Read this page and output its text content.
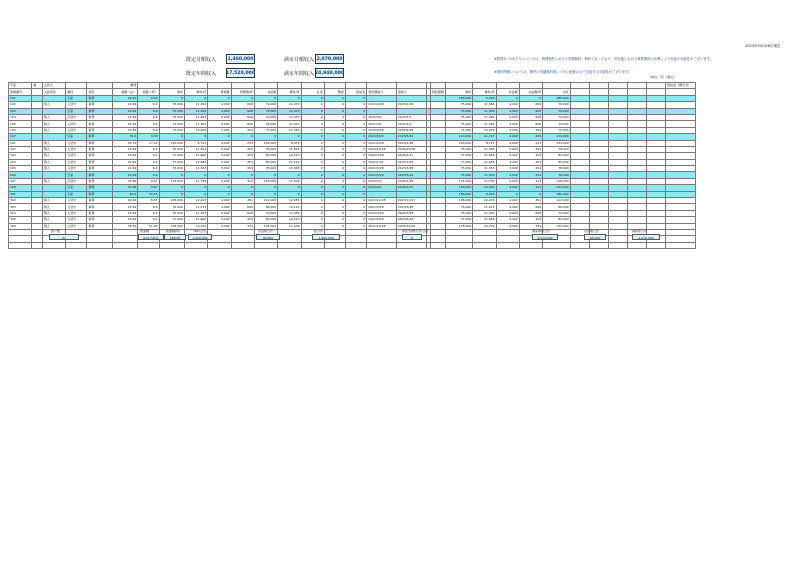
2023年04月26日現在
既定月額収入	1,460,000	満室月額収入 2,079,000
既定年間収入 17,520,000	満室年間収入 24,948,000
※賃貸1ヶ月あたりについては、賃貸物件における実績賃料・賃料となっており、所在地における賃貸賃料の水準により変更の可能性がございます。
※賃料関係については、物件の実績賃料等に十分に留意の上で変更する可能性がございます。
（単位：円）（税込）
号室	階	入居人			種別																									保証金（敷引含）
部屋番号		入居者名	属性	状況	面積（㎡）	面積（坪）	賃料	賃料/坪	管理費	管理費/坪	共益費	賃料/坪	礼金	敷金	保証金	契約開始日	更新日		契約期間	賃料	賃料/坪	共益費	共益費/坪	合計						
101			空室	事務	30.61	9.26	0	0	0	0	0	0	0	0	0					180,000	5,200	0	0	180,000						
102		個人	入居中	事務	21.84	6.6	75,000	11,364	4,000	606	79,000	11,970	0	0	0	2021/2/28	2023/2/28			75,000	11,364	4,000	606	79,000						
103			空室	事務	21.84	6.6	75,000	11,364	4,000	606	79,000	11,970	0	0	0					75,000	11,364	4,000	606	79,000						
104		個人	入居中	事務	21.84	6.6	75,000	11,364	4,000	606	79,000	11,970	0	0	0	2021/3/1	2023/3/1			75,000	11,364	4,000	606	79,000						
105		個人	入居中	事務	21.84	6.6	75,000	11,364	4,000	606	79,000	11,970	0	0	0	2021/4/1	2023/4/1			75,000	11,364	4,000	606	79,000						
106		個人	入居中	事務	21.84	6.6	72,000	10,909	3,000	454	75,000	11,363	0	0	0	2020/9/28	2022/9/28			72,000	10,909	3,000	454	75,000						
107			空室	事務	31.0	9.38	0	0	0	0	0	0	0	0	0	2021/5/24	2023/5/24			110,000	11,727	4,000	426	114,000						
201		個人	入居中	事務	56.74	17.16	150,000	8,741	4,000	233	154,000	8,974	0	0	0	2021/2/28	2023/2/28			150,000	8,741	4,000	233	154,000						
202		個人	入居中	事務	21.84	6.6	75,000	11,364	3,000	454	78,000	11,818	0	0	0	2020/10/28	2022/10/28			75,000	11,364	3,000	454	78,000						
203		個人	入居中	事務	21.84	6.6	77,000	11,666	3,000	454	80,000	12,120	0	0	0	2020/4/28	2024/4/27			77,000	11,666	3,000	454	80,000						
204		個人	入居中	事務	21.84	6.6	77,000	11,666	3,000	454	80,000	12,120	0	0	0	2021/1/31	2023/1/30			77,000	11,666	3,000	454	80,000						
205		個人	入居中	事務	21.84	6.6	75,000	11,363	3,000	454	78,000	11,818	0	0	0	2021/3/28	2023/3/28			75,000	11,363	3,000	454	78,000						
206			空室	事務	21.84	6.6	0	0	0	0	0	0	0	0	0	2021/5/24	2023/5/24			75,000	11,363	3,000	454	78,000						
207		個人	入居中	事務	31.86	9.67	114,000	11,789	4,000	413	118,000	12,202	0	0	0	2022/3/1	2024/2/28			114,000	11,789	4,000	413	118,000						
208			空室	事務	31.86	9.67	0	0	0	0	0	0	0	0	0	2022/4/1	2024/3/31			118,000	12,202	4,000	413	122,000						
301			空室	事務	60.0	18.16	0	0	0	0	0	0	0	0	0					180,000	9,920	0	0	180,000						
302		個人	入居中	事務	29.26	8.85	108,000	12,203	4,000	451	112,000	12,655	0	0	0	2021/11/28	2023/11/27			108,000	12,203	4,000	451	112,000						
303		個人	入居中	事務	21.84	6.6	76,000	11,515	4,000	606	80,000	12,121	0	0	0	2021/5/28	2023/5/28			76,000	11,515	4,000	606	80,000						
304		個人	入居中	事務	21.84	6.6	75,000	11,363	4,000	606	79,000	11,969	0	0	0	2022/3/28	2024/3/28			75,000	11,363	4,000	606	79,000						
305		個人	入居中	事務	21.84	6.6	77,000	11,666	3,000	454	80,000	12,120	0	0	0	2021/6/28	2023/6/28			77,000	11,666	3,000	454	80,000						
306		個人	入居中	事務	39.56	11.96	128,000	10,702	4,000	334	132,000	11,036	0	0	0	2021/10/28	2023/10/28			128,000	10,702	4,000	334	132,000						

総戸数
21
総面積
619.705㎡
総面積(坪)
188.56
賃料合計
1,400,000
共益費合計
96,000
総合計
1,460,000
保証金(敷引含)合計
0
満室賃料合計
2,014,000
共益費合計
65,000
満室総合計
2,079,000
